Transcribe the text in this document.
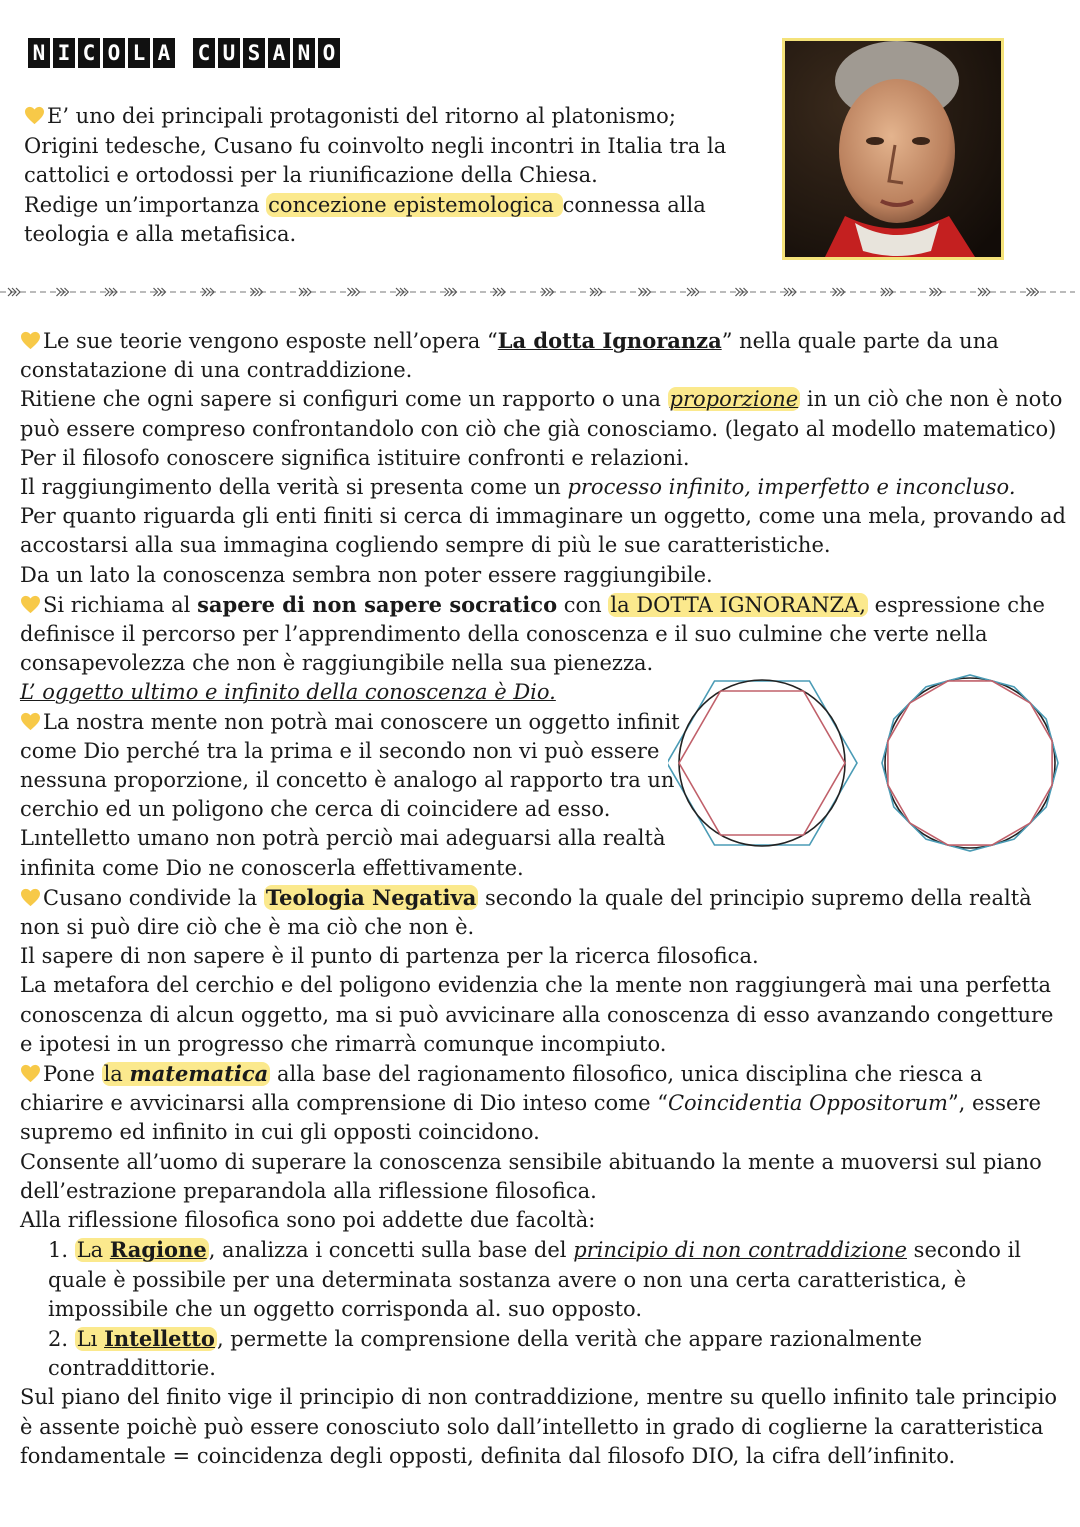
N I C O L A C U S A N O
E’ uno dei principali protagonisti del ritorno al platonismo;
Origini tedesche, Cusano fu coinvolto negli incontri in Italia tra la
cattolici e ortodossi per la riunificazione della Chiesa.
Redige un’importanza concezione epistemologica connessa alla
teologia e alla metafisica.

Le sue teorie vengono esposte nell’opera “La dotta Ignoranza” nella quale parte da una constatazione di una contraddizione.

Ritiene che ogni sapere si configuri come un rapporto o una proporzione in un ciò che non è noto può essere compreso confrontandolo con ciò che già conosciamo. (legato al modello matematico)

Per il filosofo conoscere significa istituire confronti e relazioni.

Il raggiungimento della verità si presenta come un processo infinito, imperfetto e inconcluso.

Per quanto riguarda gli enti finiti si cerca di immaginare un oggetto, come una mela, provando ad accostarsi alla sua immagina cogliendo sempre di più le sue caratteristiche.

Da un lato la conoscenza sembra non poter essere raggiungibile.

Si richiama al sapere di non sapere socratico con la DOTTA IGNORANZA, espressione che definisce il percorso per l’apprendimento della conoscenza e il suo culmine che verte nella consapevolezza che non è raggiungibile nella sua pienezza.

L’ oggetto ultimo e infinito della conoscenza è Dio.

La nostra mente non potrà mai conoscere un oggetto infinit
come Dio perché tra la prima e il secondo non vi può essere
nessuna proporzione, il concetto è analogo al rapporto tra un
cerchio ed un poligono che cerca di coincidere ad esso.
Lıntelletto umano non potrà perciò mai adeguarsi alla realtà
infinita come Dio ne conoscerla effettivamente.

Cusano condivide la Teologia Negativa secondo la quale del principio supremo della realtà non si può dire ciò che è ma ciò che non è.

Il sapere di non sapere è il punto di partenza per la ricerca filosofica.

La metafora del cerchio e del poligono evidenzia che la mente non raggiungerà mai una perfetta conoscenza di alcun oggetto, ma si può avvicinare alla conoscenza di esso avanzando congetture e ipotesi in un progresso che rimarrà comunque incompiuto.

Pone la matematica alla base del ragionamento filosofico, unica disciplina che riesca a chiarire e avvicinarsi alla comprensione di Dio inteso come “Coincidentia Oppositorum”, essere supremo ed infinito in cui gli opposti coincidono.

Consente all’uomo di superare la conoscenza sensibile abituando la mente a muoversi sul piano dell’estrazione preparandola alla riflessione filosofica.

Alla riflessione filosofica sono poi addette due facoltà:

1. La Ragione, analizza i concetti sulla base del principio di non contraddizione secondo il quale è possibile per una determinata sostanza avere o non una certa caratteristica, è impossibile che un oggetto corrisponda al. suo opposto.

2. Lı Intelletto, permette la comprensione della verità che appare razionalmente contraddittorie.

Sul piano del finito vige il principio di non contraddizione, mentre su quello infinito tale principio è assente poichè può essere conosciuto solo dall’intelletto in grado di coglierne la caratteristica fondamentale = coincidenza degli opposti, definita dal filosofo DIO, la cifra dell’infinito.
